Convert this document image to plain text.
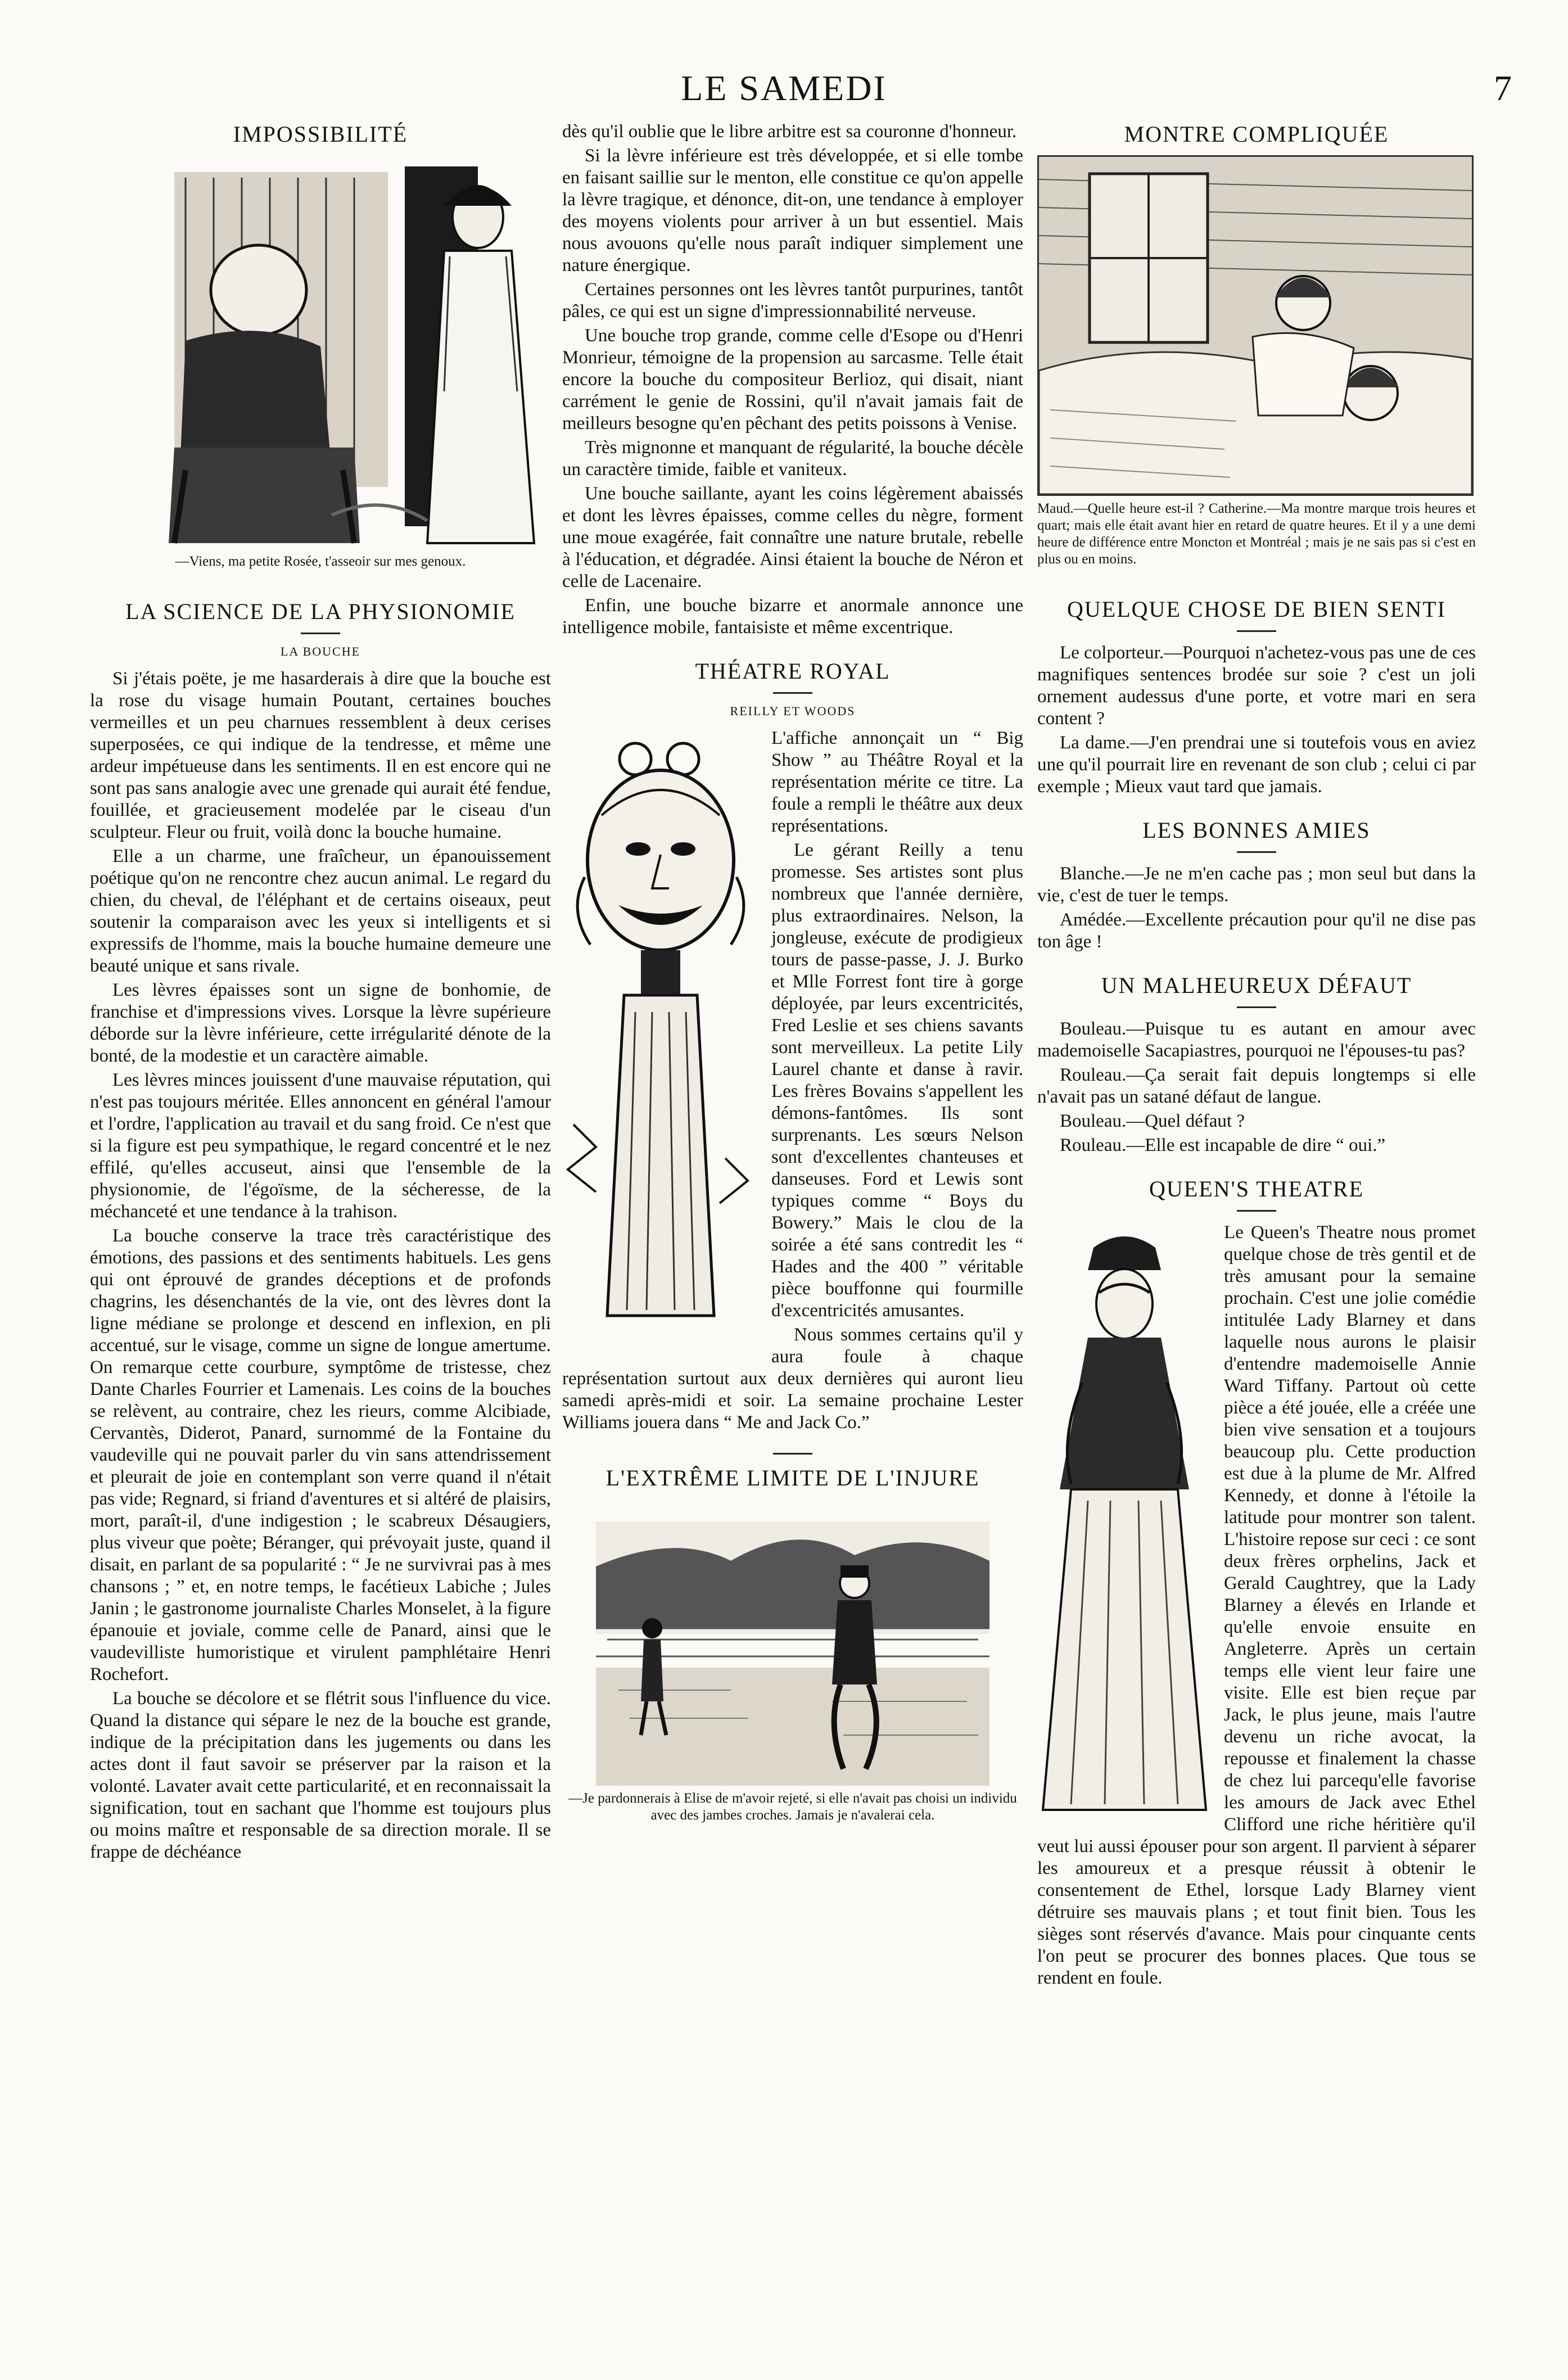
LE SAMEDI	7
IMPOSSIBILITÉ
—Viens, ma petite Rosée, t'asseoir sur mes genoux.
LA SCIENCE DE LA PHYSIONOMIE
LA BOUCHE

Si j'étais poëte, je me hasarderais à dire que la bouche est la rose du visage humain Poutant, certaines bouches vermeilles et un peu charnues ressemblent à deux cerises superposées, ce qui indique de la tendresse, et même une ardeur impétueuse dans les sentiments. Il en est encore qui ne sont pas sans analogie avec une grenade qui aurait été fendue, fouillée, et gracieusement modelée par le ciseau d'un sculpteur. Fleur ou fruit, voilà donc la bouche humaine.

Elle a un charme, une fraîcheur, un épanouissement poétique qu'on ne rencontre chez aucun animal. Le regard du chien, du cheval, de l'éléphant et de certains oiseaux, peut soutenir la comparaison avec les yeux si intelligents et si expressifs de l'homme, mais la bouche humaine demeure une beauté unique et sans rivale.

Les lèvres épaisses sont un signe de bonhomie, de franchise et d'impressions vives. Lorsque la lèvre supérieure déborde sur la lèvre inférieure, cette irrégularité dénote de la bonté, de la modestie et un caractère aimable.

Les lèvres minces jouissent d'une mauvaise réputation, qui n'est pas toujours méritée. Elles annoncent en général l'amour et l'ordre, l'application au travail et du sang froid. Ce n'est que si la figure est peu sympathique, le regard concentré et le nez effilé, qu'elles accuseut, ainsi que l'ensemble de la physionomie, de l'égoïsme, de la sécheresse, de la méchanceté et une tendance à la trahison.

La bouche conserve la trace très caractéristique des émotions, des passions et des sentiments habituels. Les gens qui ont éprouvé de grandes déceptions et de profonds chagrins, les désenchantés de la vie, ont des lèvres dont la ligne médiane se prolonge et descend en inflexion, en pli accentué, sur le visage, comme un signe de longue amertume. On remarque cette courbure, symptôme de tristesse, chez Dante Charles Fourrier et Lamenais. Les coins de la bouches se relèvent, au contraire, chez les rieurs, comme Alcibiade, Cervantès, Diderot, Panard, surnommé de la Fontaine du vaudeville qui ne pouvait parler du vin sans attendrissement et pleurait de joie en contemplant son verre quand il n'était pas vide; Regnard, si friand d'aventures et si altéré de plaisirs, mort, paraît-il, d'une indigestion ; le scabreux Désaugiers, plus viveur que poète; Béranger, qui prévoyait juste, quand il disait, en parlant de sa popularité : “ Je ne survivrai pas à mes chansons ; ” et, en notre temps, le facétieux Labiche ; Jules Janin ; le gastronome journaliste Charles Monselet, à la figure épanouie et joviale, comme celle de Panard, ainsi que le vaudevilliste humoristique et virulent pamphlétaire Henri Rochefort.

La bouche se décolore et se flétrit sous l'influence du vice. Quand la distance qui sépare le nez de la bouche est grande, indique de la précipitation dans les jugements ou dans les actes dont il faut savoir se préserver par la raison et la volonté. Lavater avait cette particularité, et en reconnaissait la signification, tout en sachant que l'homme est toujours plus ou moins maître et responsable de sa direction morale. Il se frappe de déchéance

dès qu'il oublie que le libre arbitre est sa couronne d'honneur.

Si la lèvre inférieure est très développée, et si elle tombe en faisant saillie sur le menton, elle constitue ce qu'on appelle la lèvre tragique, et dénonce, dit-on, une tendance à employer des moyens violents pour arriver à un but essentiel. Mais nous avouons qu'elle nous paraît indiquer simplement une nature énergique.

Certaines personnes ont les lèvres tantôt purpurines, tantôt pâles, ce qui est un signe d'impressionnabilité nerveuse.

Une bouche trop grande, comme celle d'Esope ou d'Henri Monrieur, témoigne de la propension au sarcasme. Telle était encore la bouche du compositeur Berlioz, qui disait, niant carrément le genie de Rossini, qu'il n'avait jamais fait de meilleurs besogne qu'en pêchant des petits poissons à Venise.

Très mignonne et manquant de régularité, la bouche décèle un caractère timide, faible et vaniteux.

Une bouche saillante, ayant les coins légèrement abaissés et dont les lèvres épaisses, comme celles du nègre, forment une moue exagérée, fait connaître une nature brutale, rebelle à l'éducation, et dégradée. Ainsi étaient la bouche de Néron et celle de Lacenaire.

Enfin, une bouche bizarre et anormale annonce une intelligence mobile, fantaisiste et même excentrique.

THÉATRE ROYAL
REILLY ET WOODS

L'affiche annonçait un “ Big Show ” au Théâtre Royal et la représentation mérite ce titre. La foule a rempli le théâtre aux deux représentations.

Le gérant Reilly a tenu promesse. Ses artistes sont plus nombreux que l'année dernière, plus extraordinaires. Nelson, la jongleuse, exécute de prodigieux tours de passe-passe, J. J. Burko et Mlle Forrest font tire à gorge déployée, par leurs excentricités, Fred Leslie et ses chiens savants sont merveilleux. La petite Lily Laurel chante et danse à ravir. Les frères Bovains s'appellent les démons-fantômes. Ils sont surprenants. Les sœurs Nelson sont d'excellentes chanteuses et danseuses. Ford et Lewis sont typiques comme “ Boys du Bowery.” Mais le clou de la soirée a été sans contredit les “ Hades and the 400 ” véritable pièce bouffonne qui fourmille d'excentricités amusantes.

Nous sommes certains qu'il y aura foule à chaque représentation surtout aux deux dernières qui auront lieu samedi après-midi et soir. La semaine prochaine Lester Williams jouera dans “ Me and Jack Co.”

L'EXTRÊME LIMITE DE L'INJURE
—Je pardonnerais à Elise de m'avoir rejeté, si elle n'avait pas choisi un individu avec des jambes croches. Jamais je n'avalerai cela.
MONTRE COMPLIQUÉE
Maud.—Quelle heure est-il ? Catherine.—Ma montre marque trois heures et quart; mais elle était avant hier en retard de quatre heures. Et il y a une demi heure de différence entre Moncton et Montréal ; mais je ne sais pas si c'est en plus ou en moins.
QUELQUE CHOSE DE BIEN SENTI

Le colporteur.—Pourquoi n'achetez-vous pas une de ces magnifiques sentences brodée sur soie ? c'est un joli ornement audessus d'une porte, et votre mari en sera content ?

La dame.—J'en prendrai une si toutefois vous en aviez une qu'il pourrait lire en revenant de son club ; celui ci par exemple ; Mieux vaut tard que jamais.

LES BONNES AMIES

Blanche.—Je ne m'en cache pas ; mon seul but dans la vie, c'est de tuer le temps.

Amédée.—Excellente précaution pour qu'il ne dise pas ton âge !

UN MALHEUREUX DÉFAUT

Bouleau.—Puisque tu es autant en amour avec mademoiselle Sacapiastres, pourquoi ne l'épouses-tu pas?

Rouleau.—Ça serait fait depuis longtemps si elle n'avait pas un satané défaut de langue.

Bouleau.—Quel défaut ?

Rouleau.—Elle est incapable de dire “ oui.”

QUEEN'S THEATRE

Le Queen's Theatre nous promet quelque chose de très gentil et de très amusant pour la semaine prochain. C'est une jolie comédie intitulée Lady Blarney et dans laquelle nous aurons le plaisir d'entendre mademoiselle Annie Ward Tiffany. Partout où cette pièce a été jouée, elle a créée une bien vive sensation et a toujours beaucoup plu. Cette production est due à la plume de Mr. Alfred Kennedy, et donne à l'étoile la latitude pour montrer son talent. L'histoire repose sur ceci : ce sont deux frères orphelins, Jack et Gerald Caughtrey, que la Lady Blarney a élevés en Irlande et qu'elle envoie ensuite en Angleterre. Après un certain temps elle vient leur faire une visite. Elle est bien reçue par Jack, le plus jeune, mais l'autre devenu un riche avocat, la repousse et finalement la chasse de chez lui parcequ'elle favorise les amours de Jack avec Ethel Clifford une riche héritière qu'il veut lui aussi épouser pour son argent. Il parvient à séparer les amoureux et a presque réussit à obtenir le consentement de Ethel, lorsque Lady Blarney vient détruire ses mauvais plans ; et tout finit bien. Tous les sièges sont réservés d'avance. Mais pour cinquante cents l'on peut se procurer des bonnes places. Que tous se rendent en foule.
